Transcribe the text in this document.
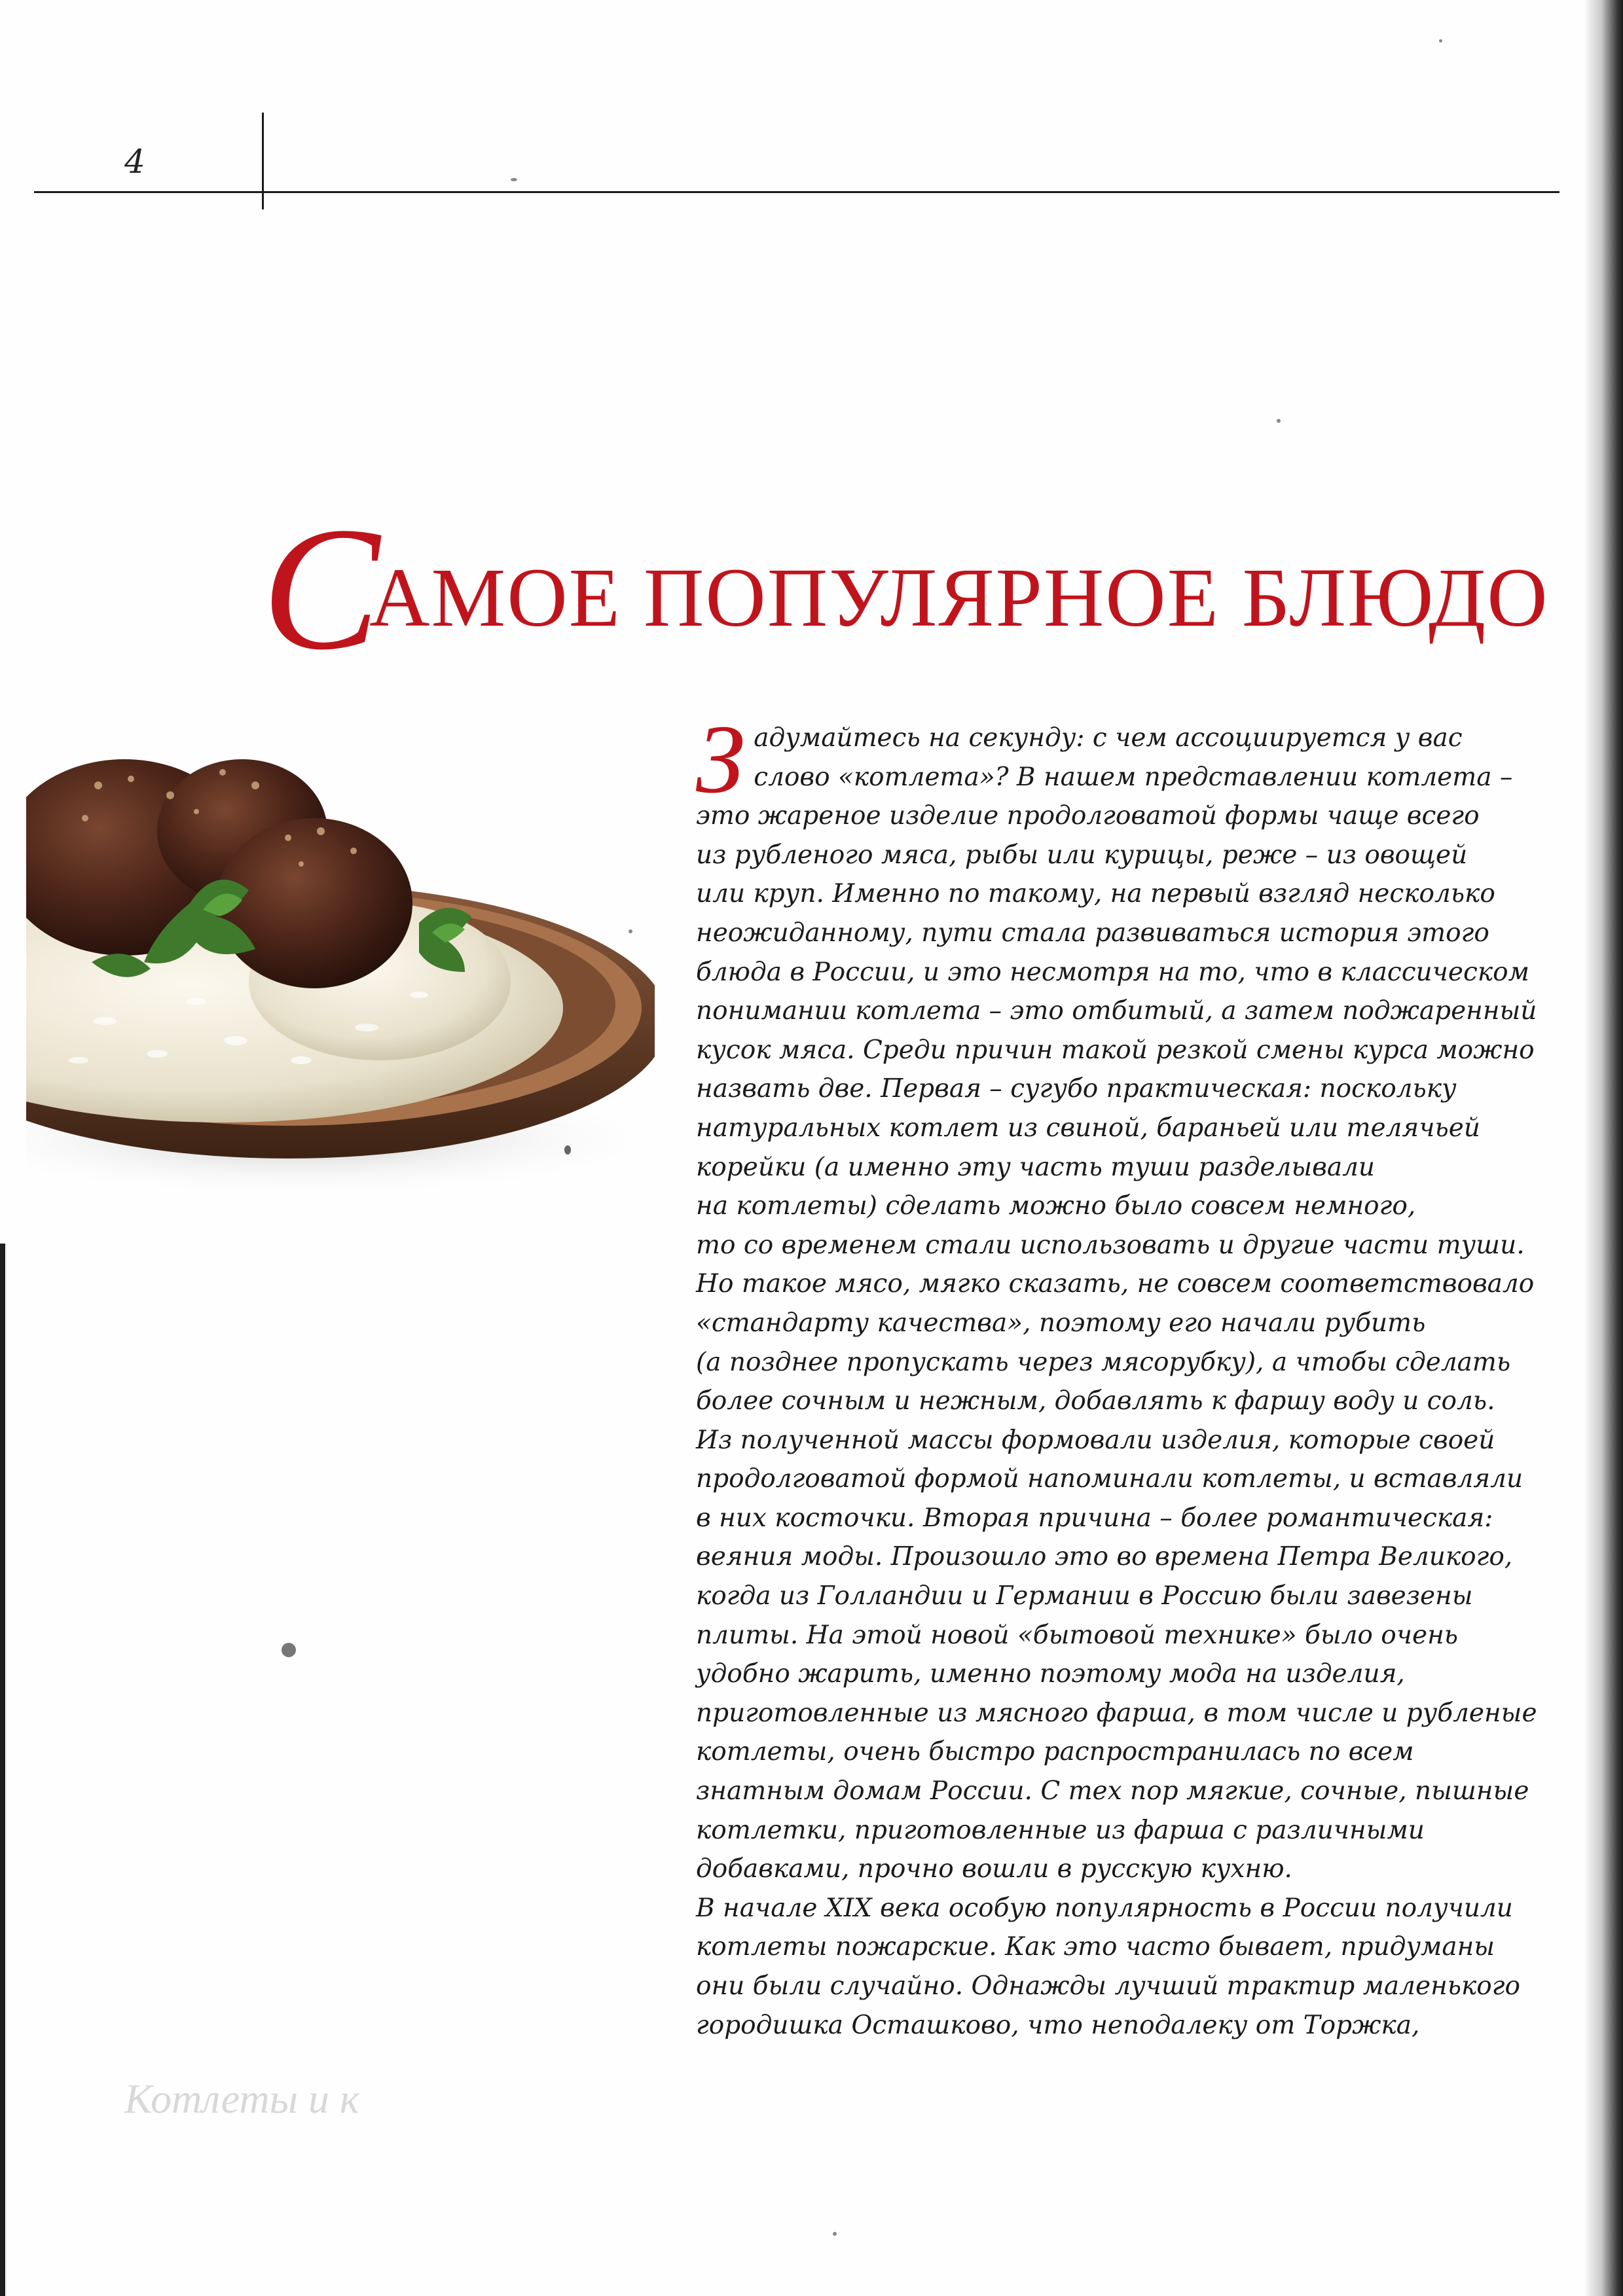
4
САМОЕ ПОПУЛЯРНОЕ БЛЮДО
З адумайтесь на секунду: с чем ассоциируется у вас
слово «котлета»? В нашем представлении котлета –
это жареное изделие продолговатой формы чаще всего
из рубленого мяса, рыбы или курицы, реже – из овощей
или круп. Именно по такому, на первый взгляд несколько
неожиданному, пути стала развиваться история этого
блюда в России, и это несмотря на то, что в классическом
понимании котлета – это отбитый, а затем поджаренный
кусок мяса. Среди причин такой резкой смены курса можно
назвать две. Первая – сугубо практическая: поскольку
натуральных котлет из свиной, бараньей или телячьей
корейки (а именно эту часть туши разделывали
на котлеты) сделать можно было совсем немного,
то со временем стали использовать и другие части туши.
Но такое мясо, мягко сказать, не совсем соответствовало
«стандарту качества», поэтому его начали рубить
(а позднее пропускать через мясорубку), а чтобы сделать
более сочным и нежным, добавлять к фаршу воду и соль.
Из полученной массы формовали изделия, которые своей
продолговатой формой напоминали котлеты, и вставляли
в них косточки. Вторая причина – более романтическая:
веяния моды. Произошло это во времена Петра Великого,
когда из Голландии и Германии в Россию были завезены
плиты. На этой новой «бытовой технике» было очень
удобно жарить, именно поэтому мода на изделия,
приготовленные из мясного фарша, в том числе и рубленые
котлеты, очень быстро распространилась по всем
знатным домам России. С тех пор мягкие, сочные, пышные
котлетки, приготовленные из фарша с различными
добавками, прочно вошли в русскую кухню.
В начале XIX века особую популярность в России получили
котлеты пожарские. Как это часто бывает, придуманы
они были случайно. Однажды лучший трактир маленького
городишка Осташково, что неподалеку от Торжка,
Котлеты и к
